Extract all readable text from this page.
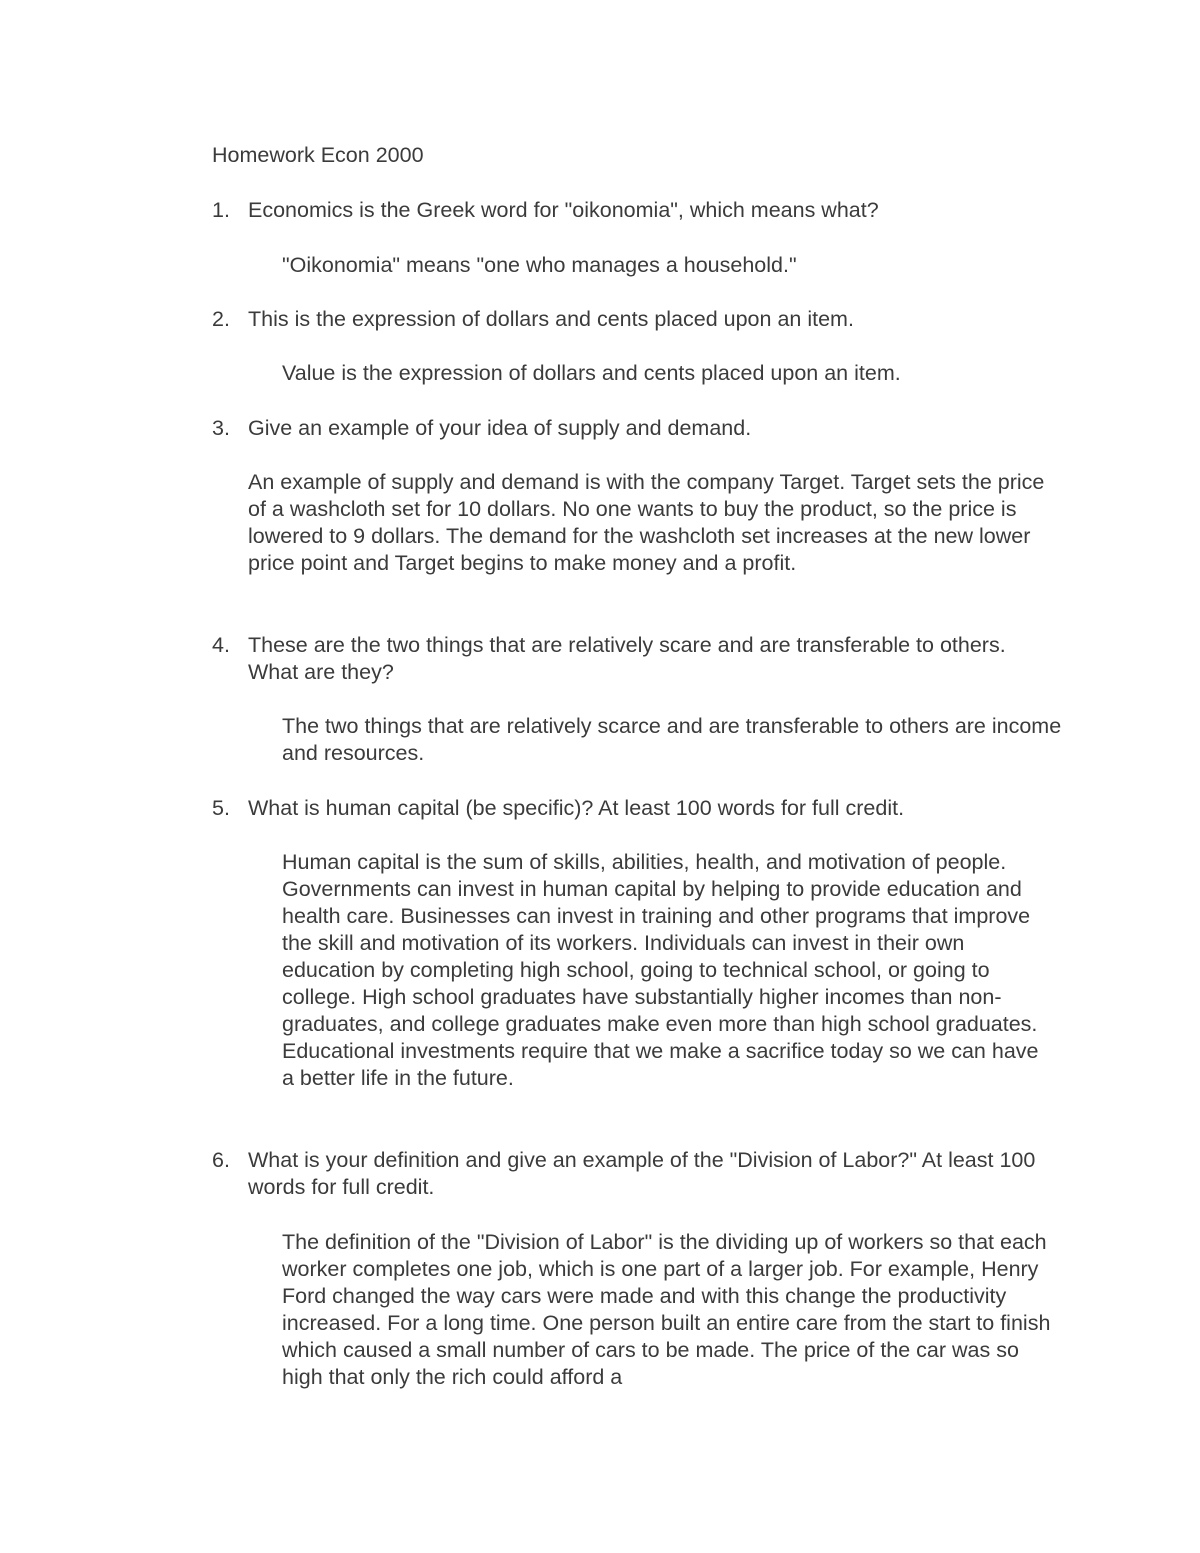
Homework Econ 2000
1. Economics is the Greek word for "oikonomia", which means what?
"Oikonomia" means "one who manages a household."
2. This is the expression of dollars and cents placed upon an item.
Value is the expression of dollars and cents placed upon an item.
3. Give an example of your idea of supply and demand.
An example of supply and demand is with the company Target. Target sets the price of a washcloth set for 10 dollars. No one wants to buy the product, so the price is lowered to 9 dollars. The demand for the washcloth set increases at the new lower price point and Target begins to make money and a profit.
4. These are the two things that are relatively scare and are transferable to others. What are they?
The two things that are relatively scarce and are transferable to others are income and resources.
5. What is human capital (be specific)? At least 100 words for full credit.
Human capital is the sum of skills, abilities, health, and motivation of people. Governments can invest in human capital by helping to provide education and health care. Businesses can invest in training and other programs that improve the skill and motivation of its workers. Individuals can invest in their own education by completing high school, going to technical school, or going to college. High school graduates have substantially higher incomes than non-graduates, and college graduates make even more than high school graduates. Educational investments require that we make a sacrifice today so we can have a better life in the future.
6. What is your definition and give an example of the "Division of Labor?" At least 100 words for full credit.
The definition of the "Division of Labor" is the dividing up of workers so that each worker completes one job, which is one part of a larger job. For example, Henry Ford changed the way cars were made and with this change the productivity increased. For a long time. One person built an entire care from the start to finish which caused a small number of cars to be made. The price of the car was so high that only the rich could afford a
